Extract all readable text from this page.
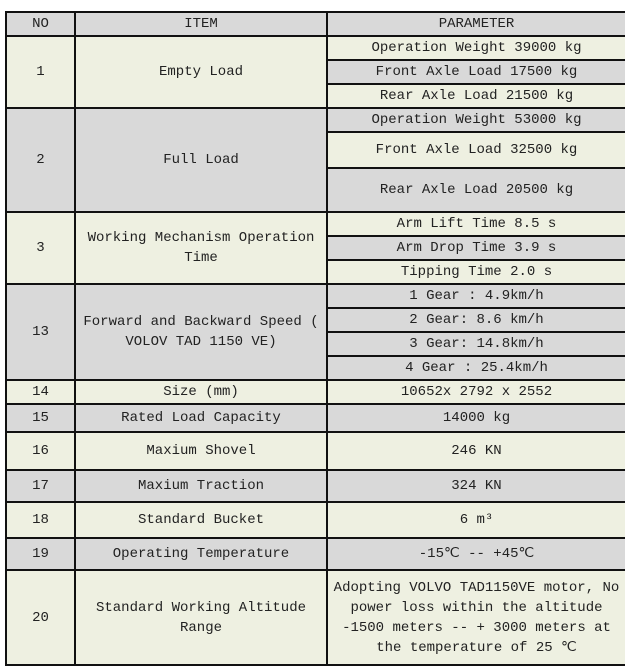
NO	ITEM	PARAMETER
1	Empty Load	Operation Weight 39000 kg
		Front Axle Load 17500 kg
		Rear Axle Load 21500 kg
2	Full Load	Operation Weight 53000 kg
		Front Axle Load 32500 kg
		Rear Axle Load 20500 kg
3	Working Mechanism Operation Time	Arm Lift Time 8.5 s
		Arm Drop Time 3.9 s
		Tipping Time 2.0 s
13	Forward and Backward Speed ( VOLOV TAD 1150 VE)	1 Gear : 4.9km/h
		2 Gear: 8.6 km/h
		3 Gear: 14.8km/h
		4 Gear : 25.4km/h
14	Size (mm)	10652x 2792 x 2552
15	Rated Load Capacity	14000 kg
16	Maxium Shovel	246 KN
17	Maxium Traction	324 KN
18	Standard Bucket	6 m³
19	Operating Temperature	-15℃ -- +45℃
20	Standard Working Altitude Range	Adopting VOLVO TAD1150VE motor, No power loss within the altitude -1500 meters -- + 3000 meters at the temperature of 25 ℃
